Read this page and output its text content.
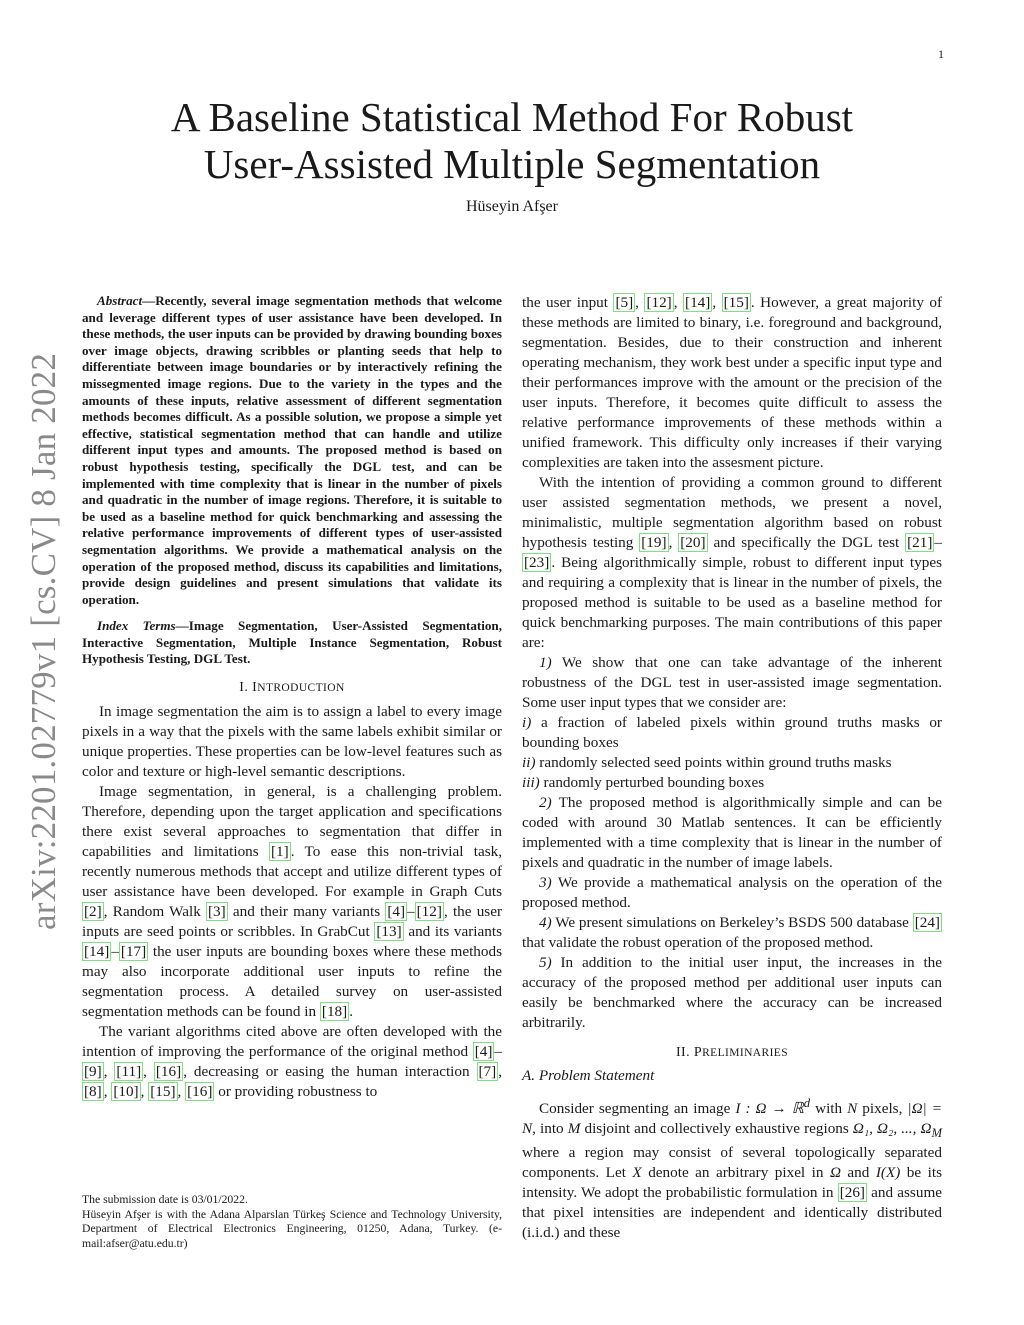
1
arXiv:2201.02779v1 [cs.CV] 8 Jan 2022
A Baseline Statistical Method For Robust
User-Assisted Multiple Segmentation
Hüseyin Afşer

Abstract—Recently, several image segmentation methods that welcome and leverage different types of user assistance have been developed. In these methods, the user inputs can be provided by drawing bounding boxes over image objects, drawing scribbles or planting seeds that help to differentiate between image boundaries or by interactively refining the missegmented image regions. Due to the variety in the types and the amounts of these inputs, relative assessment of different segmentation methods becomes difficult. As a possible solution, we propose a simple yet effective, statistical segmentation method that can handle and utilize different input types and amounts. The proposed method is based on robust hypothesis testing, specifically the DGL test, and can be implemented with time complexity that is linear in the number of pixels and quadratic in the number of image regions. Therefore, it is suitable to be used as a baseline method for quick benchmarking and assessing the relative performance improvements of different types of user-assisted segmentation algorithms. We provide a mathematical analysis on the operation of the proposed method, discuss its capabilities and limitations, provide design guidelines and present simulations that validate its operation.

Index Terms—Image Segmentation, User-Assisted Segmentation, Interactive Segmentation, Multiple Instance Segmentation, Robust Hypothesis Testing, DGL Test.

I. INTRODUCTION

In image segmentation the aim is to assign a label to every image pixels in a way that the pixels with the same labels exhibit similar or unique properties. These properties can be low-level features such as color and texture or high-level semantic descriptions.

Image segmentation, in general, is a challenging problem. Therefore, depending upon the target application and specifications there exist several approaches to segmentation that differ in capabilities and limitations [1] . To ease this non-trivial task, recently numerous methods that accept and utilize different types of user assistance have been developed. For example in Graph Cuts [2] , Random Walk [3] and their many variants [4] – [12] , the user inputs are seed points or scribbles. In GrabCut [13] and its variants [14] – [17] the user inputs are bounding boxes where these methods may also incorporate additional user inputs to refine the segmentation process. A detailed survey on user-assisted segmentation methods can be found in [18] .

The variant algorithms cited above are often developed with the intention of improving the performance of the original method [4] –[9] , [11] , [16] , decreasing or easing the human interaction [7] , [8] , [10] , [15] , [16] or providing robustness to

The submission date is 03/01/2022.

Hüseyin Afşer is with the Adana Alparslan Türkeş Science and Technology University, Department of Electrical Electronics Engineering, 01250, Adana, Turkey. (e-mail:afser@atu.edu.tr)

the user input [5] , [12] , [14] , [15] . However, a great majority of these methods are limited to binary, i.e. foreground and background, segmentation. Besides, due to their construction and inherent operating mechanism, they work best under a specific input type and their performances improve with the amount or the precision of the user inputs. Therefore, it becomes quite difficult to assess the relative performance improvements of these methods within a unified framework. This difficulty only increases if their varying complexities are taken into the assesment picture.

With the intention of providing a common ground to different user assisted segmentation methods, we present a novel, minimalistic, multiple segmentation algorithm based on robust hypothesis testing [19] , [20] and specifically the DGL test [21] –[23] . Being algorithmically simple, robust to different input types and requiring a complexity that is linear in the number of pixels, the proposed method is suitable to be used as a baseline method for quick benchmarking purposes. The main contributions of this paper are:

1) We show that one can take advantage of the inherent robustness of the DGL test in user-assisted image segmentation. Some user input types that we consider are:

i) a fraction of labeled pixels within ground truths masks or bounding boxes

ii) randomly selected seed points within ground truths masks

iii) randomly perturbed bounding boxes

2) The proposed method is algorithmically simple and can be coded with around 30 Matlab sentences. It can be efficiently implemented with a time complexity that is linear in the number of pixels and quadratic in the number of image labels.

3) We provide a mathematical analysis on the operation of the proposed method.

4) We present simulations on Berkeley’s BSDS 500 database [24] that validate the robust operation of the proposed method.

5) In addition to the initial user input, the increases in the accuracy of the proposed method per additional user inputs can easily be benchmarked where the accuracy can be increased arbitrarily.

II. PRELIMINARIES
A. Problem Statement

Consider segmenting an image I : Ω → ℝ$^d$ with N pixels, |Ω| = N, into M disjoint and collectively exhaustive regions Ω₁, Ω₂, ..., $\Omega_M$ where a region may consist of several topologically separated components. Let X denote an arbitrary pixel in Ω and I(X) be its intensity. We adopt the probabilistic formulation in [26] and assume that pixel intensities are independent and identically distributed (i.i.d.) and these
